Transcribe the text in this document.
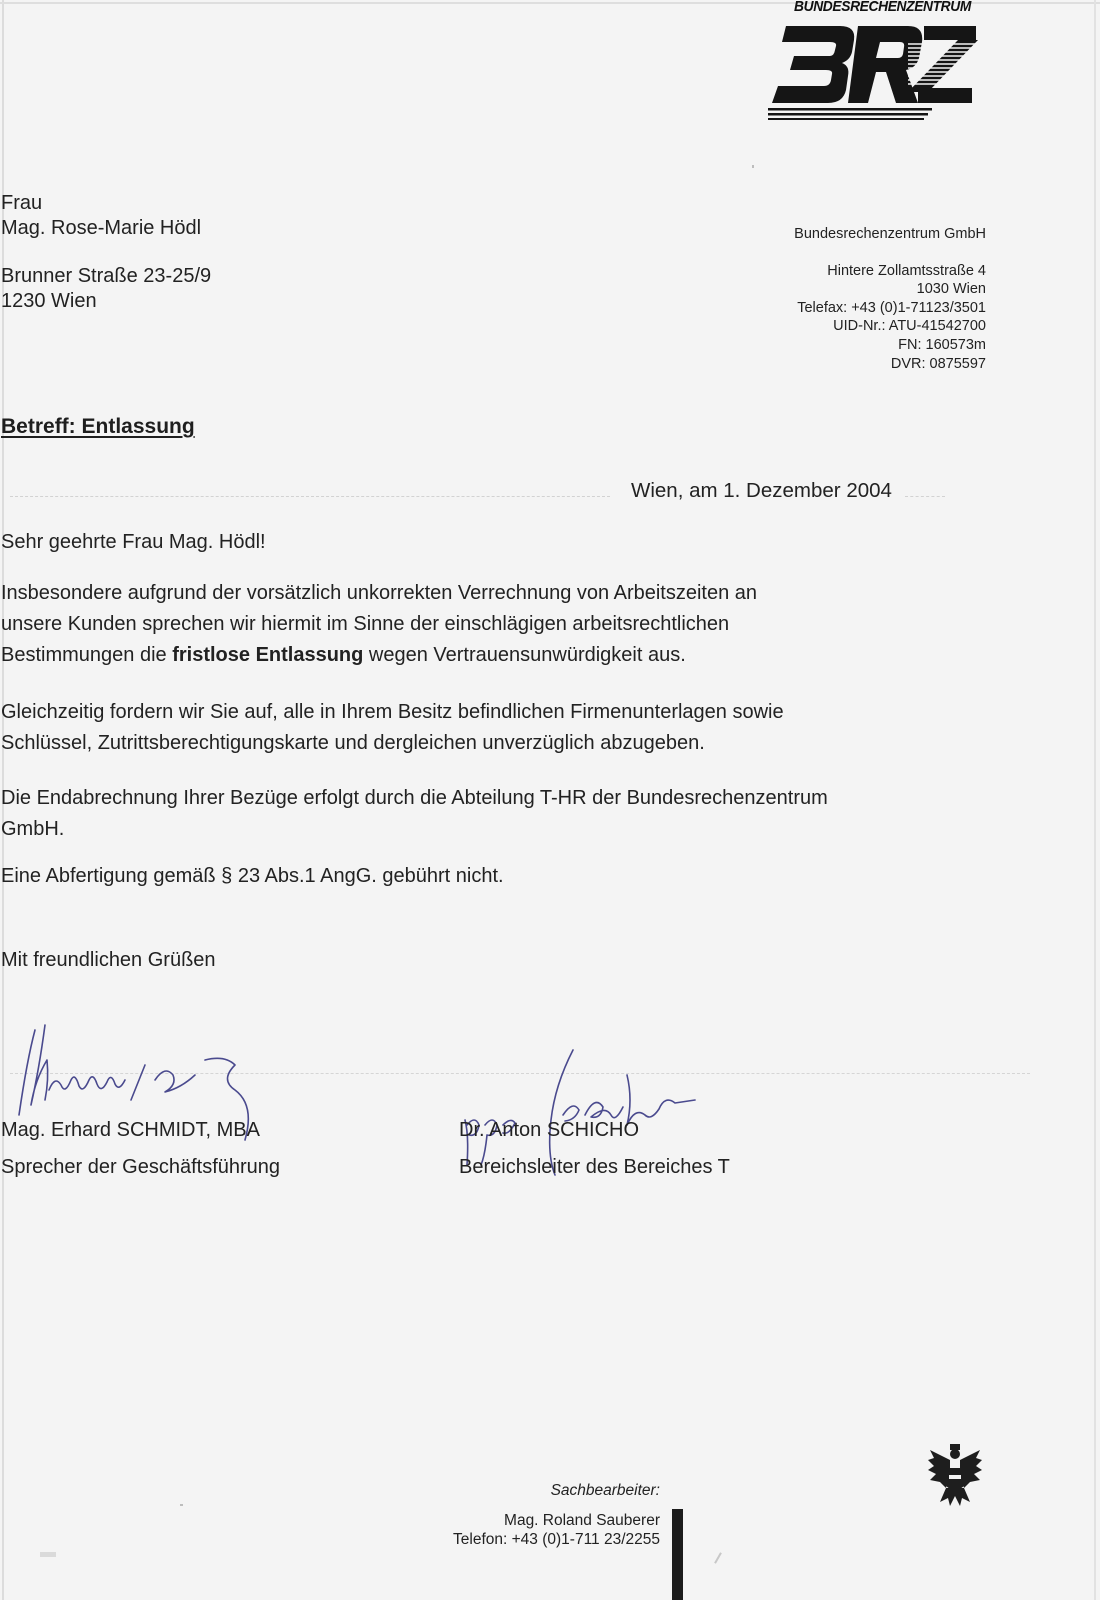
BUNDESRECHENZENTRUM
Bundesrechenzentrum GmbH
Hintere Zollamtsstraße 4
1030 Wien
Telefax: +43 (0)1-71123/3501
UID-Nr.: ATU-41542700
FN: 160573m
DVR: 0875597
Frau
Mag. Rose-Marie Hödl
Brunner Straße 23-25/9
1230 Wien
Betreff: Entlassung
Wien, am 1. Dezember 2004
Sehr geehrte Frau Mag. Hödl!
Insbesondere aufgrund der vorsätzlich unkorrekten Verrechnung von Arbeitszeiten an
unsere Kunden sprechen wir hiermit im Sinne der einschlägigen arbeitsrechtlichen
Bestimmungen die fristlose Entlassung wegen Vertrauensunwürdigkeit aus.
Gleichzeitig fordern wir Sie auf, alle in Ihrem Besitz befindlichen Firmenunterlagen sowie
Schlüssel, Zutrittsberechtigungskarte und dergleichen unverzüglich abzugeben.
Die Endabrechnung Ihrer Bezüge erfolgt durch die Abteilung T-HR der Bundesrechenzentrum
GmbH.
Eine Abfertigung gemäß § 23 Abs.1 AngG. gebührt nicht.
Mit freundlichen Grüßen
Mag. Erhard SCHMIDT, MBA
Sprecher der Geschäftsführung
Dr. Anton SCHICHO
Bereichsleiter des Bereiches T
Sachbearbeiter:
Mag. Roland Sauberer
Telefon: +43 (0)1-711 23/2255
